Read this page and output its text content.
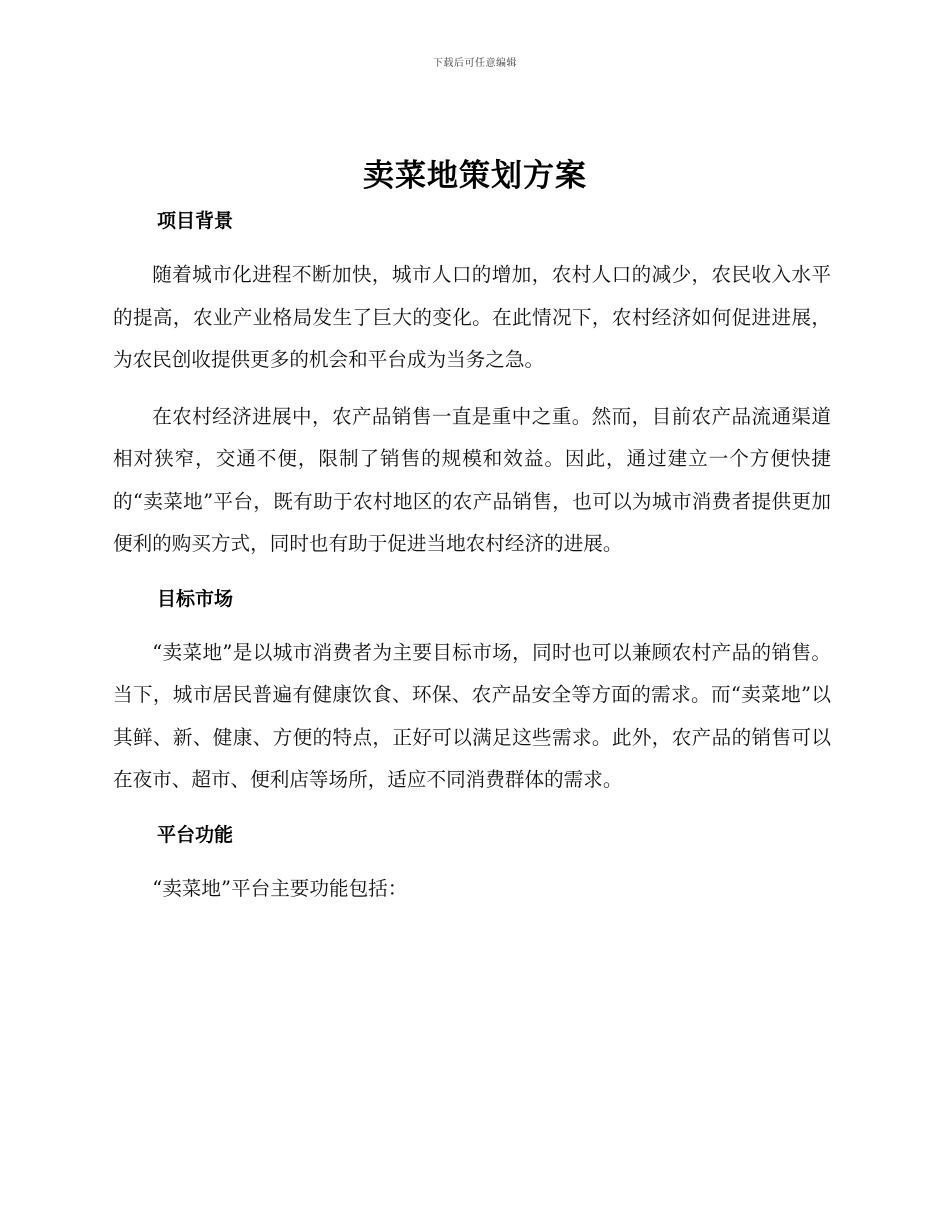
下载后可任意编辑
卖菜地策划方案
项目背景

随着城市化进程不断加快，城市人口的增加，农村人口的减少，农民收入水平的提高，农业产业格局发生了巨大的变化。在此情况下，农村经济如何促进进展，为农民创收提供更多的机会和平台成为当务之急。

在农村经济进展中，农产品销售一直是重中之重。然而，目前农产品流通渠道相对狭窄，交通不便，限制了销售的规模和效益。因此，通过建立一个方便快捷的“卖菜地”平台，既有助于农村地区的农产品销售，也可以为城市消费者提供更加便利的购买方式，同时也有助于促进当地农村经济的进展。

目标市场

“卖菜地”是以城市消费者为主要目标市场，同时也可以兼顾农村产品的销售。当下，城市居民普遍有健康饮食、环保、农产品安全等方面的需求。而“卖菜地”以其鲜、新、健康、方便的特点，正好可以满足这些需求。此外，农产品的销售可以在夜市、超市、便利店等场所，适应不同消费群体的需求。

平台功能

“卖菜地”平台主要功能包括：
